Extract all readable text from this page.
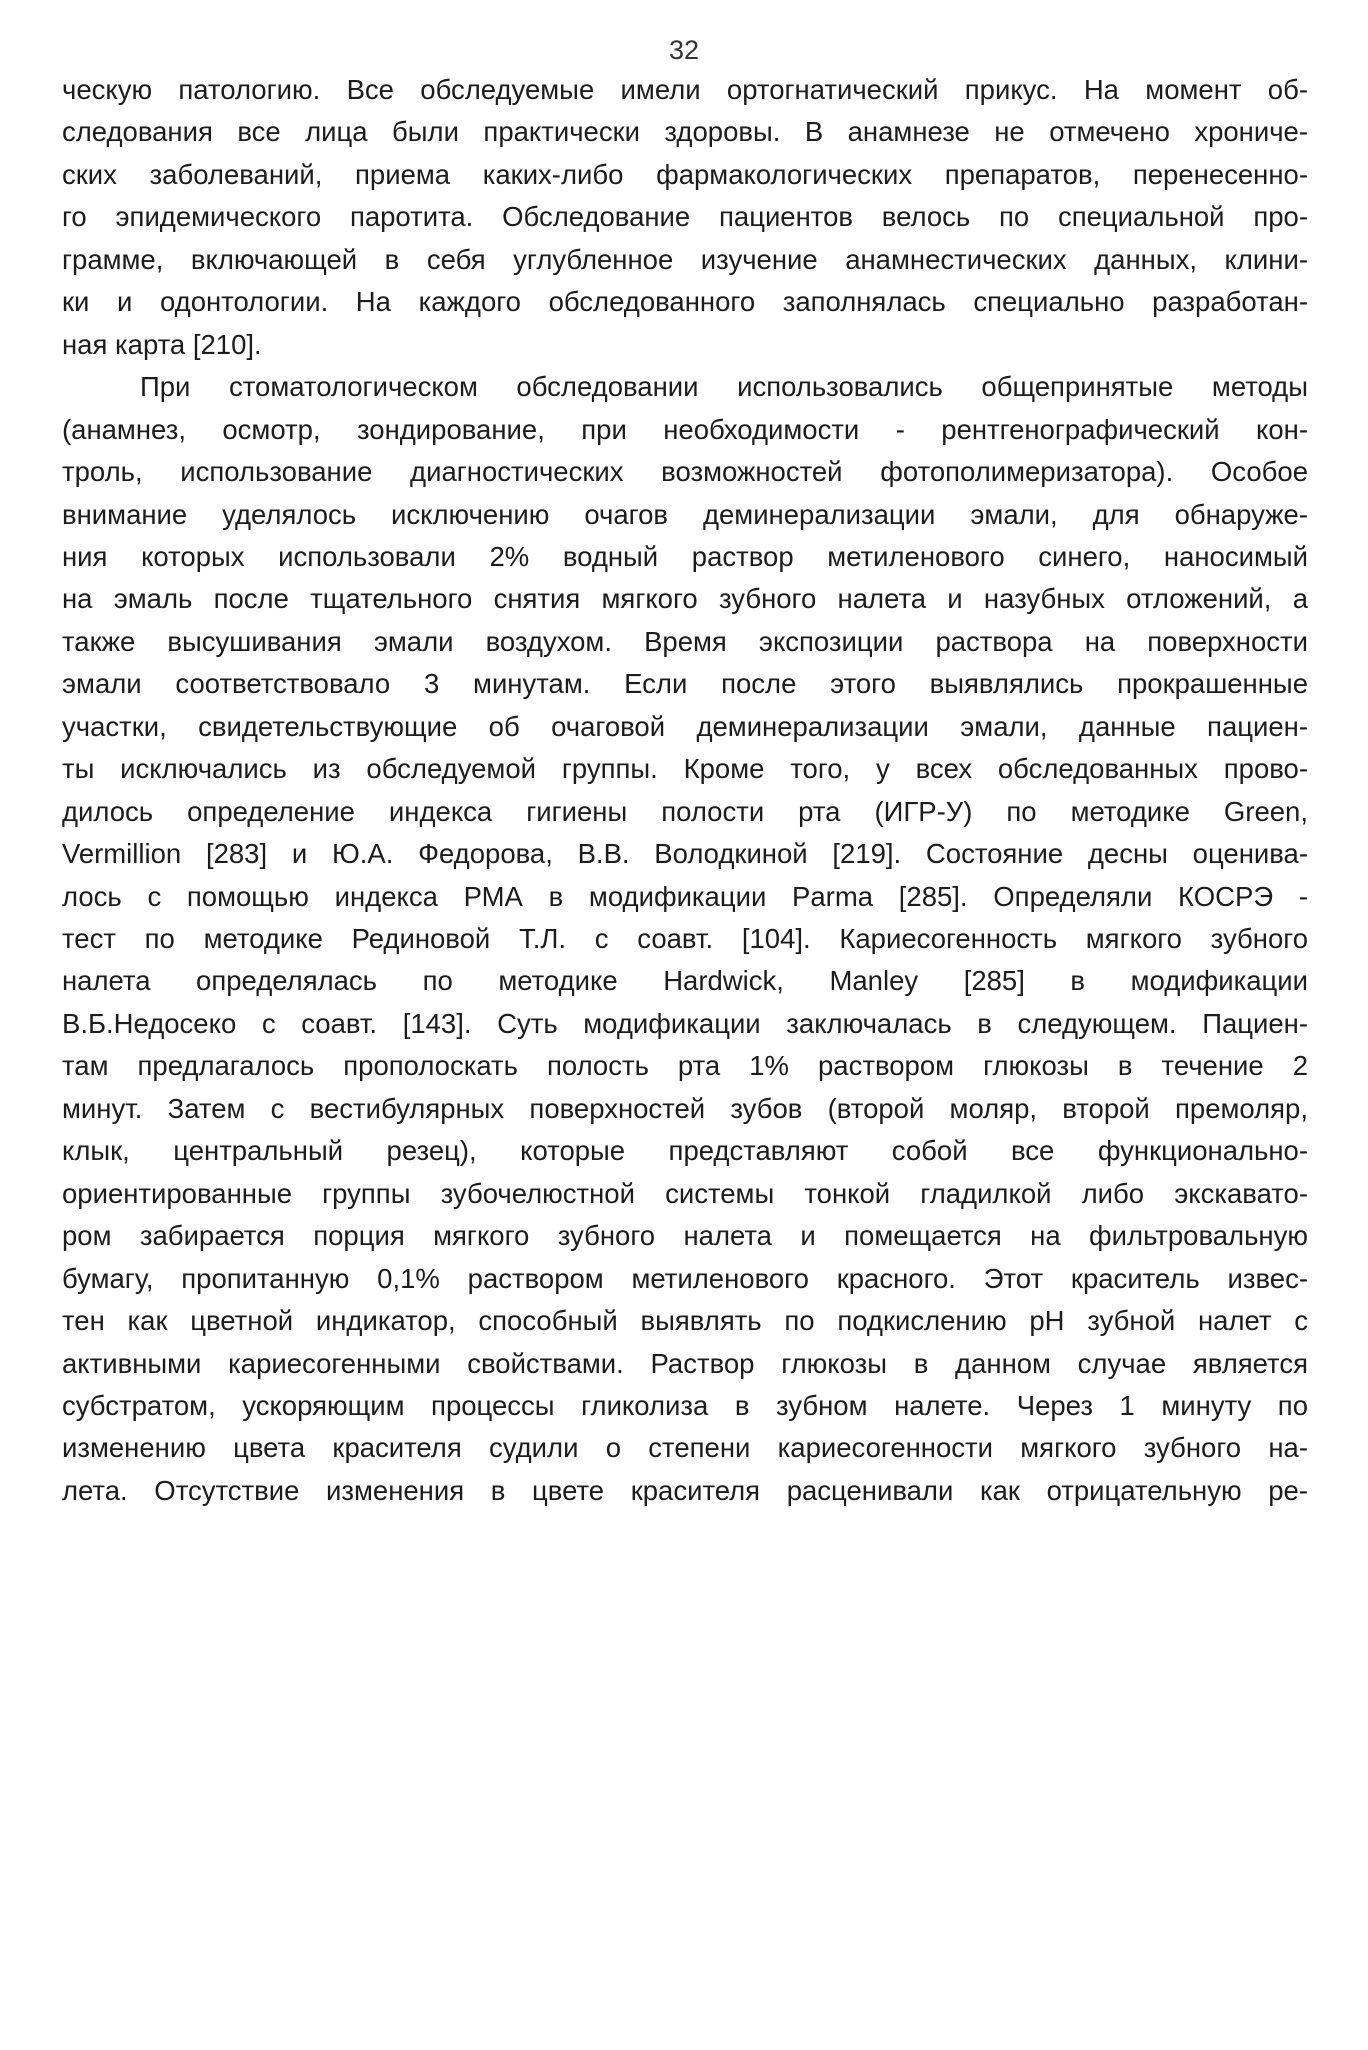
32
ческую патологию. Все обследуемые имели ортогнатический прикус. На момент об-
следования все лица были практически здоровы. В анамнезе не отмечено хрониче-
ских заболеваний, приема каких-либо фармакологических препаратов, перенесенно-
го эпидемического паротита. Обследование пациентов велось по специальной про-
грамме, включающей в себя углубленное изучение анамнестических данных, клини-
ки и одонтологии. На каждого обследованного заполнялась специально разработан-
ная карта [210].
При стоматологическом обследовании использовались общепринятые методы
(анамнез, осмотр, зондирование, при необходимости - рентгенографический кон-
троль, использование диагностических возможностей фотополимеризатора). Особое
внимание уделялось исключению очагов деминерализации эмали, для обнаруже-
ния которых использовали 2% водный раствор метиленового синего, наносимый
на эмаль после тщательного снятия мягкого зубного налета и назубных отложений, а
также высушивания эмали воздухом. Время экспозиции раствора на поверхности
эмали соответствовало 3 минутам. Если после этого выявлялись прокрашенные
участки, свидетельствующие об очаговой деминерализации эмали, данные пациен-
ты исключались из обследуемой группы. Кроме того, у всех обследованных прово-
дилось определение индекса гигиены полости рта (ИГР-У) по методике Green,
Vermillion [283] и Ю.А. Федорова, В.В. Володкиной [219]. Состояние десны оценива-
лось с помощью индекса РМА в модификации Parma [285]. Определяли КОСРЭ -
тест по методике Рединовой Т.Л. с соавт. [104]. Кариесогенность мягкого зубного
налета определялась по методике Hardwick, Manley [285] в модификации
В.Б.Недосеко с соавт. [143]. Суть модификации заключалась в следующем. Пациен-
там предлагалось прополоскать полость рта 1% раствором глюкозы в течение 2
минут. Затем с вестибулярных поверхностей зубов (второй моляр, второй премоляр,
клык, центральный резец), которые представляют собой все функционально-
ориентированные группы зубочелюстной системы тонкой гладилкой либо экскавато-
ром забирается порция мягкого зубного налета и помещается на фильтровальную
бумагу, пропитанную 0,1% раствором метиленового красного. Этот краситель извес-
тен как цветной индикатор, способный выявлять по подкислению рН зубной налет с
активными кариесогенными свойствами. Раствор глюкозы в данном случае является
субстратом, ускоряющим процессы гликолиза в зубном налете. Через 1 минуту по
изменению цвета красителя судили о степени кариесогенности мягкого зубного на-
лета. Отсутствие изменения в цвете красителя расценивали как отрицательную ре-
